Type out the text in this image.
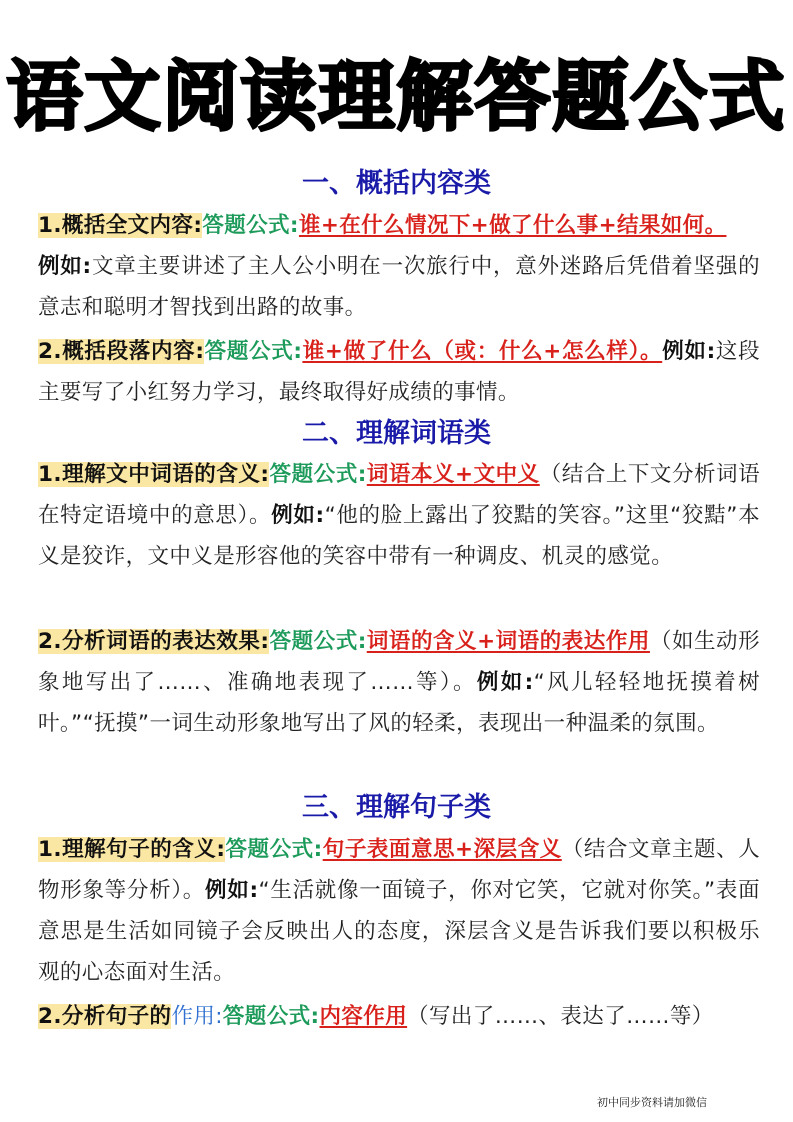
语文阅读理解答题公式
一、概括内容类
1.概括全文内容:答题公式:谁+在什么情况下+做了什么事+结果如何。
例如:文章主要讲述了主人公小明在一次旅行中，意外迷路后凭借着坚强的意志和聪明才智找到出路的故事。
2.概括段落内容:答题公式:谁+做了什么（或：什么+怎么样）。例如:这段主要写了小红努力学习，最终取得好成绩的事情。
二、理解词语类
1.理解文中词语的含义:答题公式:词语本义+文中义（结合上下文分析词语在特定语境中的意思）。例如:“他的脸上露出了狡黠的笑容。”这里“狡黠”本义是狡诈，文中义是形容他的笑容中带有一种调皮、机灵的感觉。
2.分析词语的表达效果:答题公式:词语的含义+词语的表达作用（如生动形象地写出了……、准确地表现了……等）。例如:“风儿轻轻地抚摸着树叶。”“抚摸”一词生动形象地写出了风的轻柔，表现出一种温柔的氛围。
三、理解句子类
1.理解句子的含义:答题公式:句子表面意思+深层含义（结合文章主题、人物形象等分析）。例如:“生活就像一面镜子，你对它笑，它就对你笑。”表面意思是生活如同镜子会反映出人的态度，深层含义是告诉我们要以积极乐观的心态面对生活。
2.分析句子的作用:答题公式:内容作用（写出了……、表达了……等）
初中同步资料请加微信
